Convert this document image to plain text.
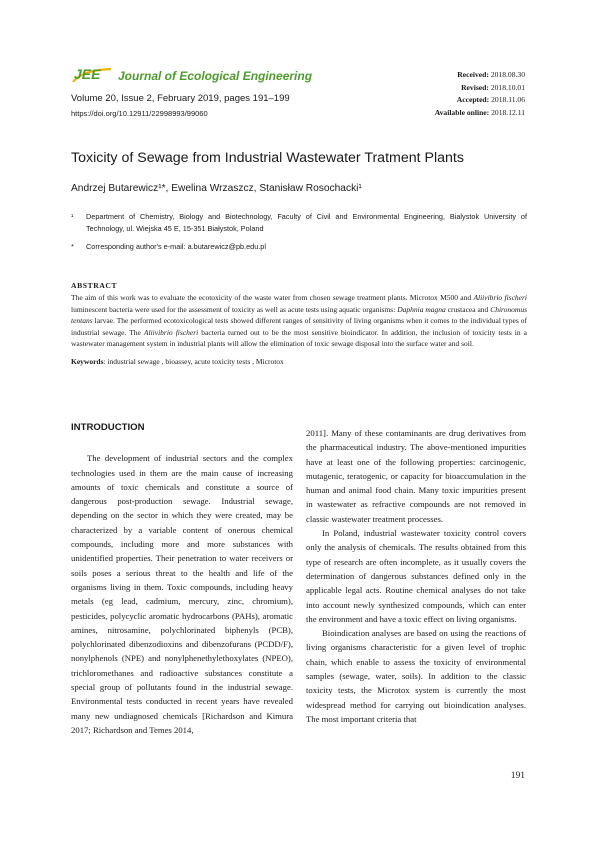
JEE Journal of Ecological Engineering
Volume 20, Issue 2, February 2019, pages 191–199
https://doi.org/10.12911/22998993/99060
Received: 2018.08.30
Revised: 2018.10.01
Accepted: 2018.11.06
Available online: 2018.12.11
Toxicity of Sewage from Industrial Wastewater Tratment Plants
Andrzej Butarewicz¹*, Ewelina Wrzaszcz, Stanisław Rosochacki¹
¹	Department of Chemistry, Biology and Biotechnology, Faculty of Civil and Environmental Engineering, Bialystok University of Technology, ul. Wiejska 45 E, 15-351 Białystok, Poland
*	Corresponding author's e-mail: a.butarewicz@pb.edu.pl
ABSTRACT
The aim of this work was to evaluate the ecotoxicity of the waste water from chosen sewage treatment plants. Microtox M500 and Aliivibrio fischeri luminescent bacteria were used for the assessment of toxicity as well as acute tests using aquatic organisms: Daphnia magna crustacea and Chironomus tentans larvae. The performed ecotoxicological tests showed different ranges of sensitivity of living organisms when it comes to the individual types of industrial sewage. The Aliivibrio fischeri bacteria turned out to be the most sensitive bioindicator. In addition, the inclusion of toxicity tests in a wastewater management system in industrial plants will allow the elimination of toxic sewage disposal into the surface water and soil.
Keywords: industrial sewage , bioassey, acute toxicity tests , Microtox
INTRODUCTION

The development of industrial sectors and the complex technologies used in them are the main cause of increasing amounts of toxic chemicals and constitute a source of dangerous post-production sewage. Industrial sewage, depending on the sector in which they were created, may be characterized by a variable content of onerous chemical compounds, including more and more substances with unidentified properties. Their penetration to water receivers or soils poses a serious threat to the health and life of the organisms living in them. Toxic compounds, including heavy metals (eg lead, cadmium, mercury, zinc, chromium), pesticides, polycyclic aromatic hydrocarbons (PAHs), aromatic amines, nitrosamine, polychlorinated biphenyls (PCB), polychlorinated dibenzodioxins and dibenzofurans (PCDD/F), nonylphenols (NPE) and nonylphenethylethoxylates (NPEO), trichloromethanes and radioactive substances constitute a special group of pollutants found in the industrial sewage. Environmental tests conducted in recent years have revealed many new undiagnosed chemicals [Richardson and Kimura 2017; Richardson and Temes 2014,

2011]. Many of these contaminants are drug derivatives from the pharmaceutical industry. The above-mentioned impurities have at least one of the following properties: carcinogenic, mutagenic, teratogenic, or capacity for bioaccumulation in the human and animal food chain. Many toxic impurities present in wastewater as refractive compounds are not removed in classic wastewater treatment processes.

In Poland, industrial wastewater toxicity control covers only the analysis of chemicals. The results obtained from this type of research are often incomplete, as it usually covers the determination of dangerous substances defined only in the applicable legal acts. Routine chemical analyses do not take into account newly synthesized compounds, which can enter the environment and have a toxic effect on living organisms.

Bioindication analyses are based on using the reactions of living organisms characteristic for a given level of trophic chain, which enable to assess the toxicity of environmental samples (sewage, water, soils). In addition to the classic toxicity tests, the Microtox system is currently the most widespread method for carrying out bioindication analyses. The most important criteria that

191
